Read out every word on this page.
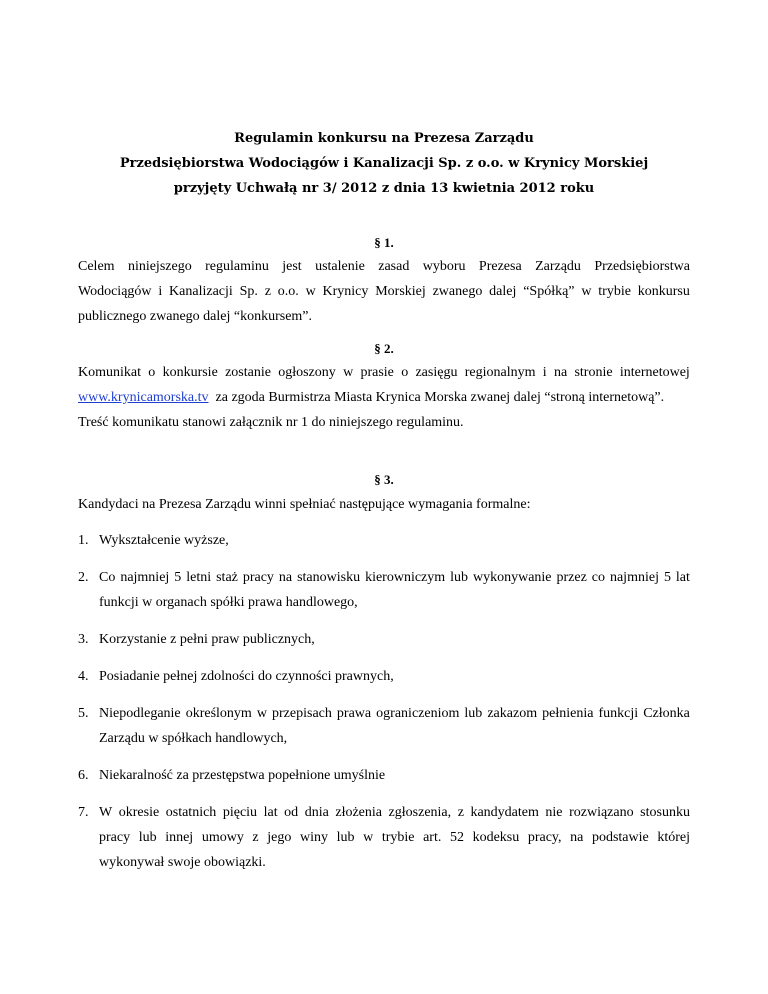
Regulamin konkursu na Prezesa Zarządu
Przedsiębiorstwa Wodociągów i Kanalizacji Sp. z o.o. w Krynicy Morskiej
przyjęty Uchwałą nr 3/ 2012 z dnia 13 kwietnia 2012 roku
§ 1.
Celem niniejszego regulaminu jest ustalenie zasad wyboru Prezesa Zarządu Przedsiębiorstwa
Wodociągów i Kanalizacji Sp. z o.o. w Krynicy Morskiej zwanego dalej “Spółką” w trybie konkursu
publicznego zwanego dalej “konkursem”.
§ 2.
Komunikat o konkursie zostanie ogłoszony w prasie o zasięgu regionalnym i na stronie internetowej
www.krynicamorska.tv  za zgoda Burmistrza Miasta Krynica Morska zwanej dalej “stroną internetową”.
Treść komunikatu stanowi załącznik nr 1 do niniejszego regulaminu.
§ 3.
Kandydaci na Prezesa Zarządu winni spełniać następujące wymagania formalne:
1. Wykształcenie wyższe,
2. Co najmniej 5 letni staż pracy na stanowisku kierowniczym lub wykonywanie przez co najmniej 5 lat
funkcji w organach spółki prawa handlowego,
3. Korzystanie z pełni praw publicznych,
4. Posiadanie pełnej zdolności do czynności prawnych,
5. Niepodleganie określonym w przepisach prawa ograniczeniom lub zakazom pełnienia funkcji Członka
Zarządu w spółkach handlowych,
6. Niekaralność za przestępstwa popełnione umyślnie
7. W okresie ostatnich pięciu lat od dnia złożenia zgłoszenia, z kandydatem nie rozwiązano stosunku
pracy lub innej umowy z jego winy lub w trybie art. 52 kodeksu pracy, na podstawie której
wykonywał swoje obowiązki.
